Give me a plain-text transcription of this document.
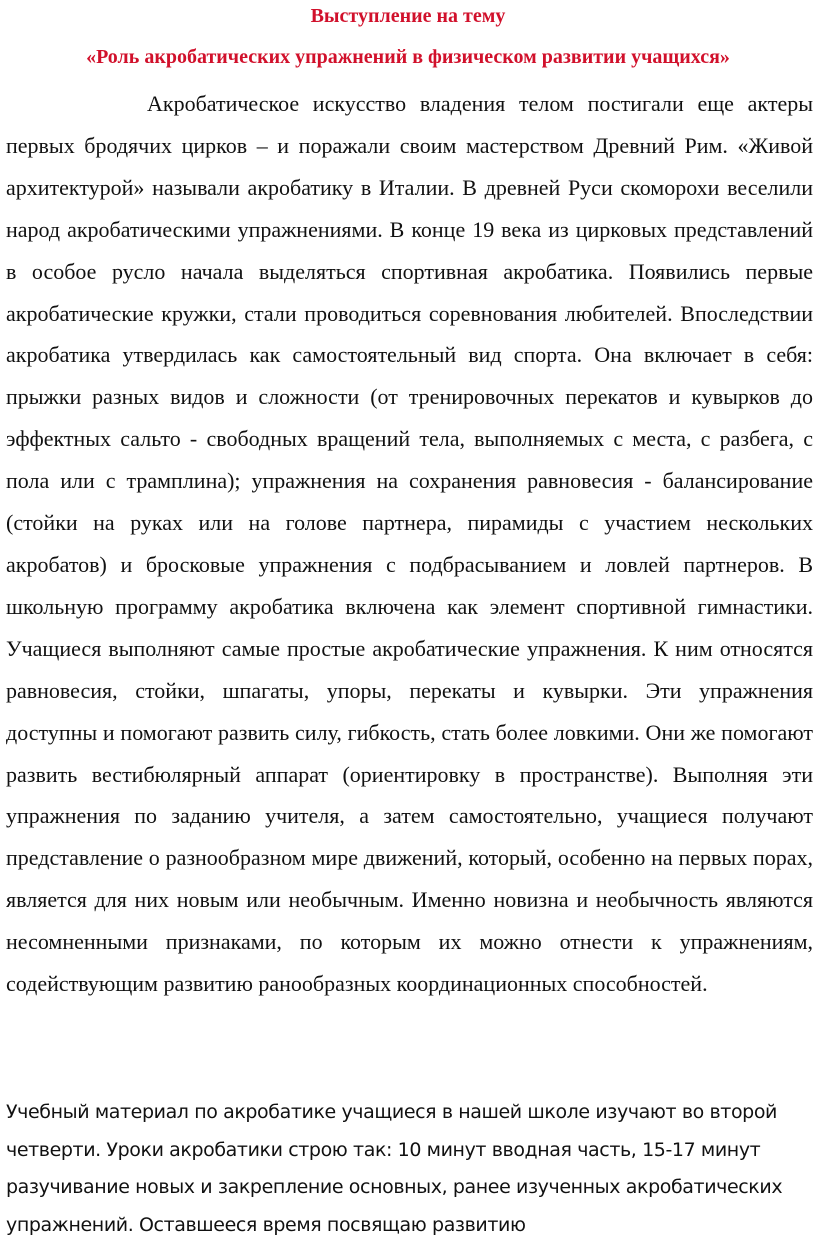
Выступление на тему
«Роль акробатических упражнений в физическом развитии учащихся»

Акробатическое искусство владения телом постигали еще актеры первых бродячих цирков – и поражали своим мастерством Древний Рим. «Живой архитектурой» называли акробатику в Италии. В древней Руси скоморохи веселили народ акробатическими упражнениями. В конце 19 века из цирковых представлений в особое русло начала выделяться спортивная акробатика. Появились первые акробатические кружки, стали проводиться соревнования любителей. Впоследствии акробатика утвердилась как самостоятельный вид спорта. Она включает в себя: прыжки разных видов и сложности (от тренировочных перекатов и кувырков до эффектных сальто - свободных вращений тела, выполняемых с места, с разбега, с пола или с трамплина); упражнения на сохранения равновесия - балансирование (стойки на руках или на голове партнера, пирамиды с участием нескольких акробатов) и бросковые упражнения с подбрасыванием и ловлей партнеров. В школьную программу акробатика включена как элемент спортивной гимнастики. Учащиеся выполняют самые простые акробатические упражнения. К ним относятся равновесия, стойки, шпагаты, упоры, перекаты и кувырки. Эти упражнения доступны и помогают развить силу, гибкость, стать более ловкими. Они же помогают развить вестибюлярный аппарат (ориентировку в пространстве). Выполняя эти упражнения по заданию учителя, а затем самостоятельно, учащиеся получают представление о разнообразном мире движений, который, особенно на первых порах, является для них новым или необычным. Именно новизна и необычность являются несомненными признаками, по которым их можно отнести к упражнениям, содействующим развитию ранообразных координационных способностей.

Учебный материал по акробатике учащиеся в нашей школе изучают во второй четверти. Уроки акробатики строю так: 10 минут вводная часть, 15-17 минут разучивание новых и закрепление основных, ранее изученных акробатических упражнений. Оставшееся время посвящаю развитию
